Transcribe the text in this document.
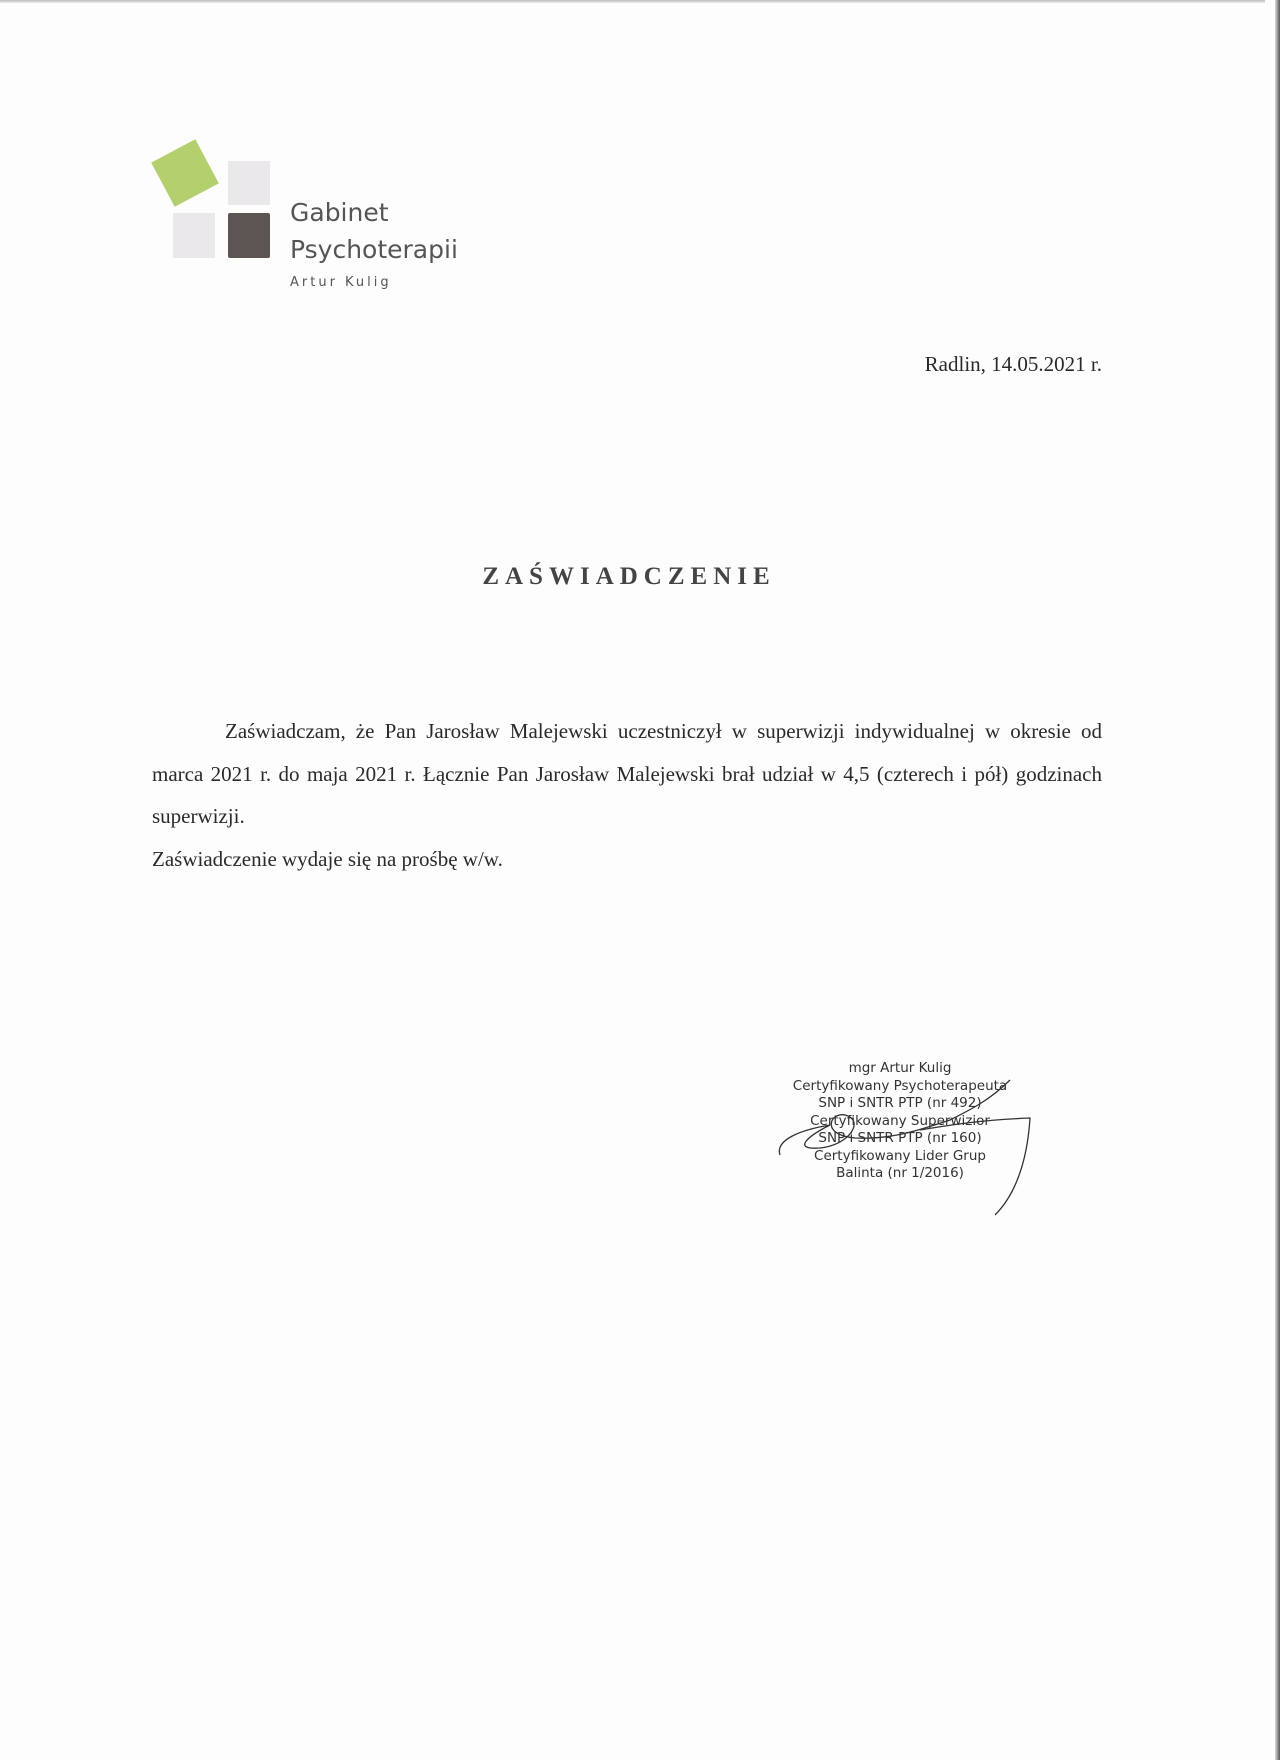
Gabinet
Psychoterapii
Artur Kulig
Radlin, 14.05.2021 r.
ZAŚWIADCZENIE

Zaświadczam, że Pan Jarosław Malejewski uczestniczył w superwizji indywidualnej w okresie od marca 2021 r. do maja 2021 r. Łącznie Pan Jarosław Malejewski brał udział w 4,5 (czterech i pół) godzinach superwizji.

Zaświadczenie wydaje się na prośbę w/w.

mgr Artur Kulig
Certyfikowany Psychoterapeuta
SNP i SNTR PTP (nr 492)
Certyfikowany Superwizior
SNP i SNTR PTP (nr 160)
Certyfikowany Lider Grup
Balinta (nr 1/2016)
